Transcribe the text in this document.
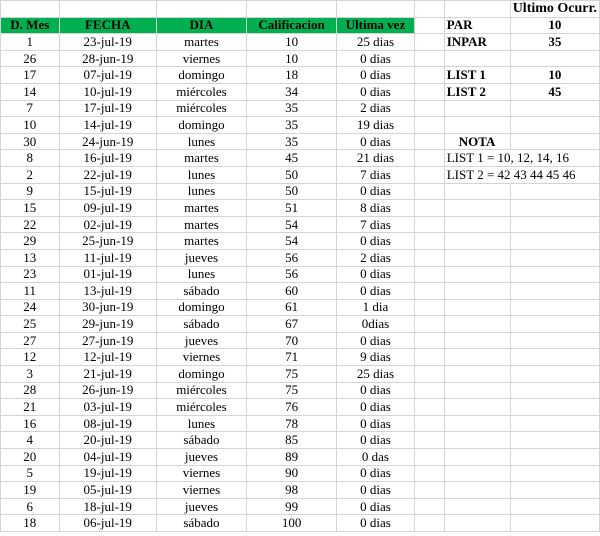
							Ultimo Ocurr.
D. Mes	FECHA	DIA	Calificacion	Ultima vez		PAR	10
1	23-jul-19	martes	10	25 dias		INPAR	35
26	28-jun-19	viernes	10	0 dias			
17	07-jul-19	domingo	18	0 dias		LIST 1	10
14	10-jul-19	miércoles	34	0 dias		LIST 2	45
7	17-jul-19	miércoles	35	2 dias			
10	14-jul-19	domingo	35	19 dias			
30	24-jun-19	lunes	35	0 dias		NOTA	
8	16-jul-19	martes	45	21 dias		LIST 1 = 10, 12, 14, 16	
2	22-jul-19	lunes	50	7 dias		LIST 2 = 42 43 44 45 46	
9	15-jul-19	lunes	50	0 dias			
15	09-jul-19	martes	51	8 dias			
22	02-jul-19	martes	54	7 dias			
29	25-jun-19	martes	54	0 dias			
13	11-jul-19	jueves	56	2 dias			
23	01-jul-19	lunes	56	0 dias			
11	13-jul-19	sábado	60	0 dias			
24	30-jun-19	domingo	61	1 dia			
25	29-jun-19	sábado	67	0dias			
27	27-jun-19	jueves	70	0 dias			
12	12-jul-19	viernes	71	9 dias			
3	21-jul-19	domingo	75	25 dias			
28	26-jun-19	miércoles	75	0 dias			
21	03-jul-19	miércoles	76	0 dias			
16	08-jul-19	lunes	78	0 dias			
4	20-jul-19	sábado	85	0 dias			
20	04-jul-19	jueves	89	0 das			
5	19-jul-19	viernes	90	0 dias			
19	05-jul-19	viernes	98	0 dias			
6	18-jul-19	jueves	99	0 dias			
18	06-jul-19	sábado	100	0 dias			
